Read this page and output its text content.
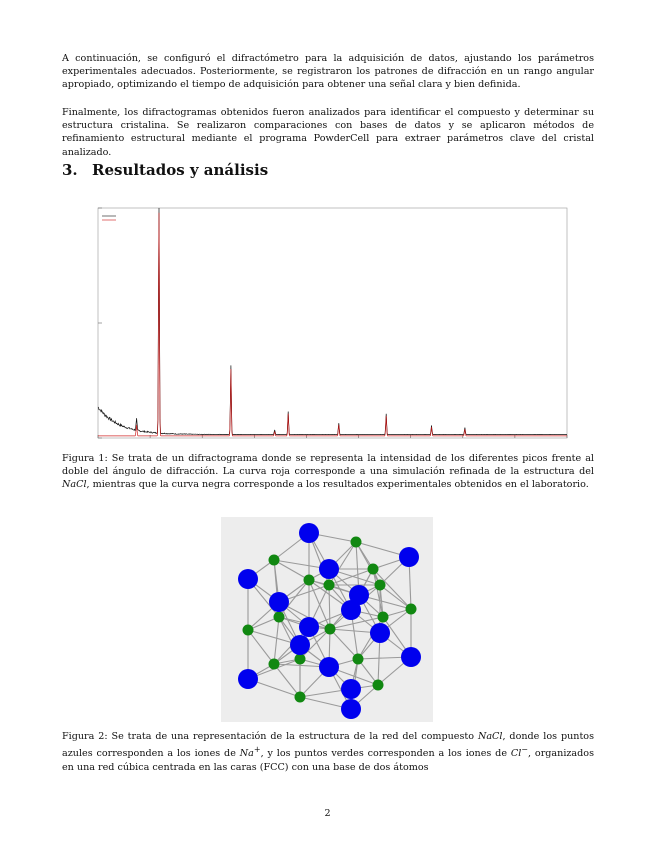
A continuación, se configuró el difractómetro para la adquisición de datos, ajustando los parámetros experimentales adecuados. Posteriormente, se registraron los patrones de difracción en un rango angular apropiado, optimizando el tiempo de adquisición para obtener una señal clara y bien definida.

Finalmente, los difractogramas obtenidos fueron analizados para identificar el compuesto y determinar su estructura cristalina. Se realizaron comparaciones con bases de datos y se aplicaron métodos de refinamiento estructural mediante el programa PowderCell para extraer parámetros clave del cristal analizado.

3. Resultados y análisis

Figura 1: Se trata de un difractograma donde se representa la intensidad de los diferentes picos frente al doble del ángulo de difracción. La curva roja corresponde a una simulación refinada de la estructura del NaCl, mientras que la curva negra corresponde a los resultados experimentales obtenidos en el laboratorio.

Figura 2: Se trata de una representación de la estructura de la red del compuesto NaCl, donde los puntos azules corresponden a los iones de Na+, y los puntos verdes corresponden a los iones de Cl−, organizados en una red cúbica centrada en las caras (FCC) con una base de dos átomos

2
